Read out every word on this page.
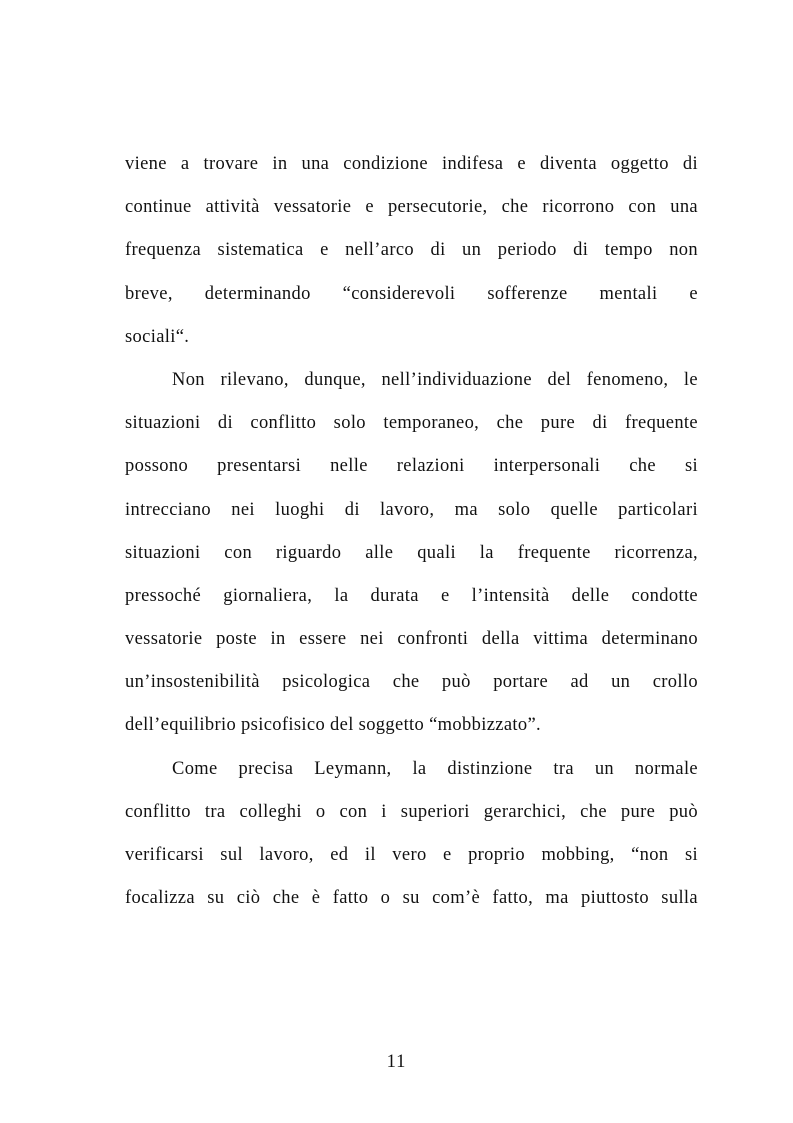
viene a trovare in una condizione indifesa e diventa oggetto di
continue attività vessatorie e persecutorie, che ricorrono con una
frequenza sistematica e nell’arco di un periodo di tempo non
breve, determinando “considerevoli sofferenze mentali e
sociali“.
Non rilevano, dunque, nell’individuazione del fenomeno, le
situazioni di conflitto solo temporaneo, che pure di frequente
possono presentarsi nelle relazioni interpersonali che si
intrecciano nei luoghi di lavoro, ma solo quelle particolari
situazioni con riguardo alle quali la frequente ricorrenza,
pressoché giornaliera, la durata e l’intensità delle condotte
vessatorie poste in essere nei confronti della vittima determinano
un’insostenibilità psicologica che può portare ad un crollo
dell’equilibrio psicofisico del soggetto “mobbizzato”.
Come precisa Leymann, la distinzione tra un normale
conflitto tra colleghi o con i superiori gerarchici, che pure può
verificarsi sul lavoro, ed il vero e proprio mobbing, “non si
focalizza su ciò che è fatto o su com’è fatto, ma piuttosto sulla
11
